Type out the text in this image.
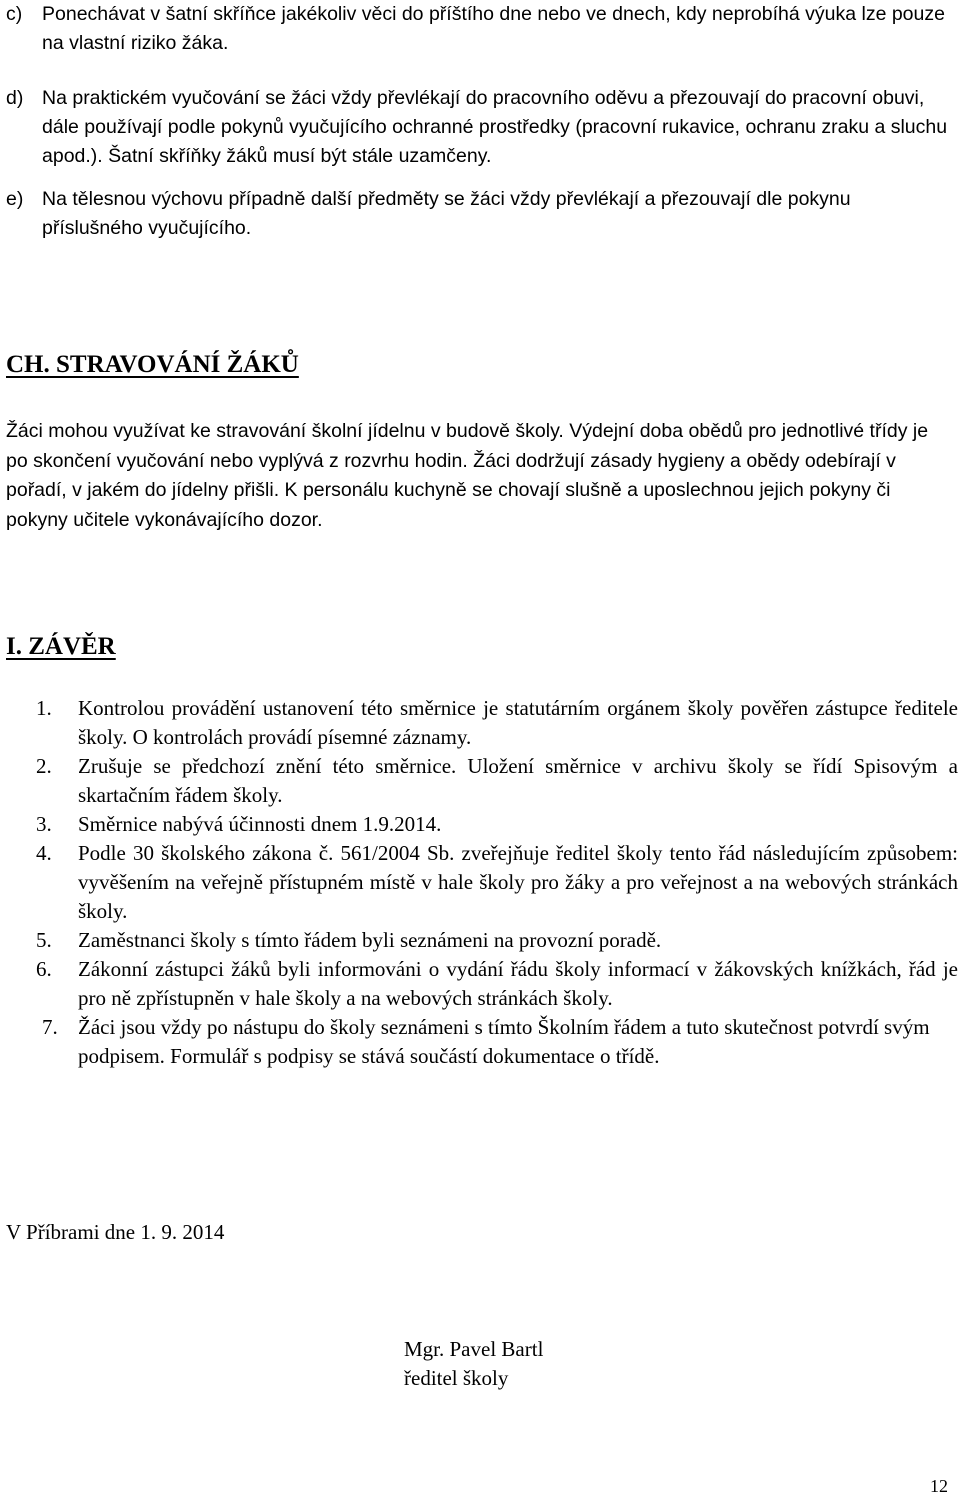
c)	Ponechávat v šatní skříňce jakékoliv věci do příštího dne nebo ve dnech, kdy neprobíhá výuka lze pouze na vlastní riziko žáka.
d) Na praktickém vyučování se žáci vždy převlékají do pracovního oděvu a přezouvají do pracovní obuvi, dále používají podle pokynů vyučujícího ochranné prostředky (pracovní rukavice, ochranu zraku a sluchu apod.). Šatní skříňky žáků musí být stále uzamčeny.
e) Na tělesnou výchovu případně další předměty se žáci vždy převlékají a přezouvají dle pokynu příslušného vyučujícího.
CH. STRAVOVÁNÍ ŽÁKŮ
Žáci mohou využívat ke stravování školní jídelnu v budově školy. Výdejní doba obědů pro jednotlivé třídy je po skončení vyučování nebo vyplývá z rozvrhu hodin. Žáci dodržují zásady hygieny a obědy odebírají v pořadí, v jakém do jídelny přišli. K personálu kuchyně se chovají slušně a uposlechnou jejich pokyny či pokyny učitele vykonávajícího dozor.
I. ZÁVĚR
1.	Kontrolou provádění ustanovení této směrnice je statutárním orgánem školy pověřen zástupce ředitele školy. O kontrolách provádí písemné záznamy.
2.	Zrušuje se předchozí znění této směrnice. Uložení směrnice v archivu školy se řídí Spisovým a skartačním řádem školy.
3.	Směrnice nabývá účinnosti dnem 1.9.2014.
4.	Podle 30 školského zákona č. 561/2004 Sb. zveřejňuje ředitel školy tento řád následujícím způsobem: vyvěšením na veřejně přístupném místě v hale školy pro žáky a pro veřejnost a na webových stránkách školy.
5.	Zaměstnanci školy s tímto řádem byli seznámeni na provozní poradě.
6.	Zákonní zástupci žáků byli informováni o vydání řádu školy informací v žákovských knížkách, řád je pro ně zpřístupněn v hale školy a na webových stránkách školy.
7. Žáci jsou vždy po nástupu do školy seznámeni s tímto Školním řádem a tuto skutečnost potvrdí svým podpisem. Formulář s podpisy se stává součástí dokumentace o třídě.
V Příbrami dne 1. 9. 2014
Mgr. Pavel Bartl
ředitel školy
12
